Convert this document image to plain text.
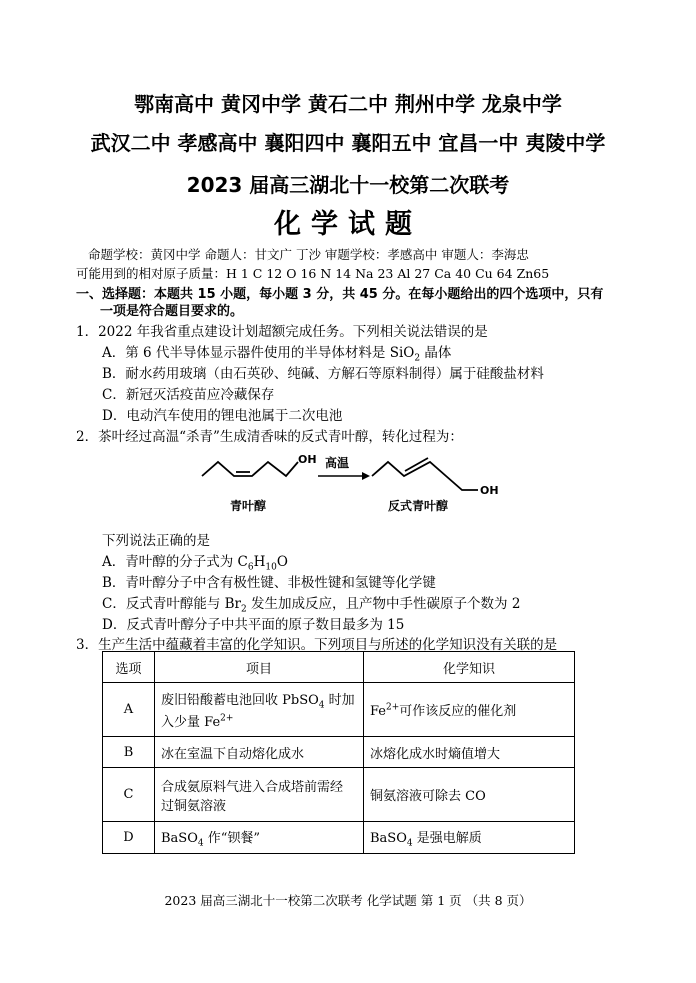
鄂南高中 黄冈中学 黄石二中 荆州中学 龙泉中学
武汉二中 孝感高中 襄阳四中 襄阳五中 宜昌一中 夷陵中学
2023 届高三湖北十一校第二次联考
化学试题
命题学校：黄冈中学 命题人：甘文广 丁沙 审题学校：孝感高中 审题人：李海忠
可能用到的相对原子质量：H 1 C 12 O 16 N 14 Na 23 Al 27 Ca 40 Cu 64 Zn65
一、选择题：本题共 15 小题，每小题 3 分，共 45 分。在每小题给出的四个选项中，只有
一项是符合题目要求的。
1．2022 年我省重点建设计划超额完成任务。下列相关说法错误的是
A．第 6 代半导体显示器件使用的半导体材料是 SiO$_2$ 晶体
B．耐水药用玻璃（由石英砂、纯碱、方解石等原料制得）属于硅酸盐材料
C．新冠灭活疫苗应冷藏保存
D．电动汽车使用的锂电池属于二次电池
2．茶叶经过高温“杀青”生成清香味的反式青叶醇，转化过程为：
OH 高温
OH
青叶醇	反式青叶醇
下列说法正确的是
A．青叶醇的分子式为 $C_6H_{10}O$
B．青叶醇分子中含有极性键、非极性键和氢键等化学键
C．反式青叶醇能与 $Br_2$ 发生加成反应，且产物中手性碳原子个数为 2
D．反式青叶醇分子中共平面的原子数目最多为 15
3．生产生活中蕴藏着丰富的化学知识。下列项目与所述的化学知识没有关联的是
选项	项目	化学知识
A	废旧铅酸蓄电池回收 PbSO$_4$ 时加
入少量 $Fe^{2+}$	$Fe^{2+}$可作该反应的催化剂
B	冰在室温下自动熔化成水	冰熔化成水时熵值增大
C	合成氨原料气进入合成塔前需经
过铜氨溶液	铜氨溶液可除去 CO
D	BaSO$_4$ 作“钡餐”	BaSO$_4$ 是强电解质
2023 届高三湖北十一校第二次联考 化学试题 第 1 页 （共 8 页）
